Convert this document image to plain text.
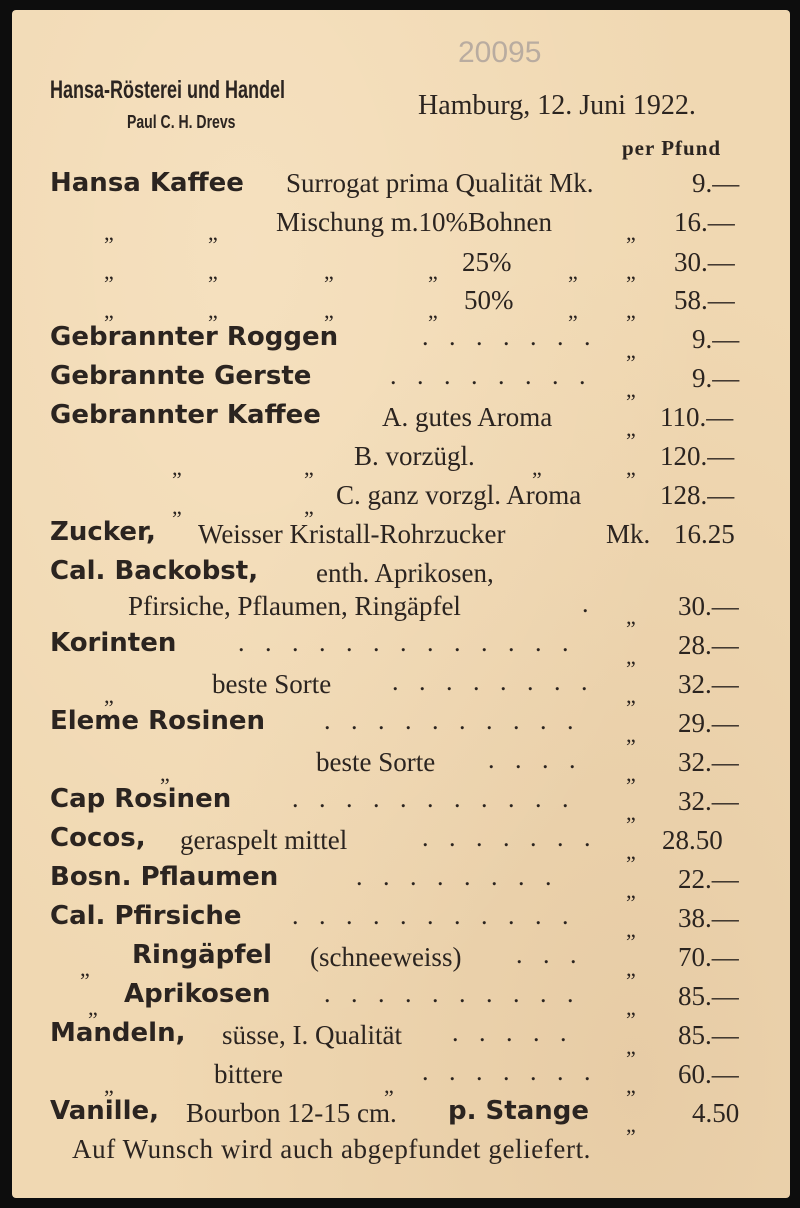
20095
Hansa-Rösterei und Handel
Paul C. H. Drevs
Hamburg, 12. Juni 1922.
per Pfund
Hansa Kaffee Surrogat prima Qualität Mk.	9.—
„	„ Mischung m.10%Bohnen	„ 16.—
„	„	„	„ 25%	„ „ 30.—
„	„	„	„ 50% „ „ 58.—
Gebrannter Roggen	. . . . . . . „ 9.—
Gebrannte Gerste	. . . . . . . . „ 9.—
Gebrannter Kaffee A. gutes Aroma	„ 110.—
„	„ B. vorzügl.	„	„ 120.—
„	„ C. ganz vorzgl. Aroma	128.—
Zucker, Weisser Kristall-Rohrzucker	Mk. 16.25
Cal. Backobst, enth. Aprikosen,
Pfirsiche, Pflaumen, Ringäpfel	. „ 30.—
Korinten . . . . . . . . . . . . . „ 28.—
„	beste Sorte . . . . . . . . „ 32.—
Eleme Rosinen . . . . . . . . . . „ 29.—
„	beste Sorte . . . . „ 32.—
Cap Rosinen . . . . . . . . . . . „ 32.—
Cocos, geraspelt mittel	. . . . . . . „ 28.50
Bosn. Pflaumen	. . . . . . . .	„ 22.—
Cal. Pfirsiche . . . . . . . . . . . „ 38.—
„ Ringäpfel (schneeweiss) . . . „ 70.—
„ Aprikosen . . . . . . . . . . „ 85.—
Mandeln, süsse, I. Qualität . . . . . „ 85.—
„	bittere	„ . . . . . . . „ 60.—
Vanille, Bourbon 12-15 cm. p. Stange „ 4.50
Auf Wunsch wird auch abgepfundet geliefert.
